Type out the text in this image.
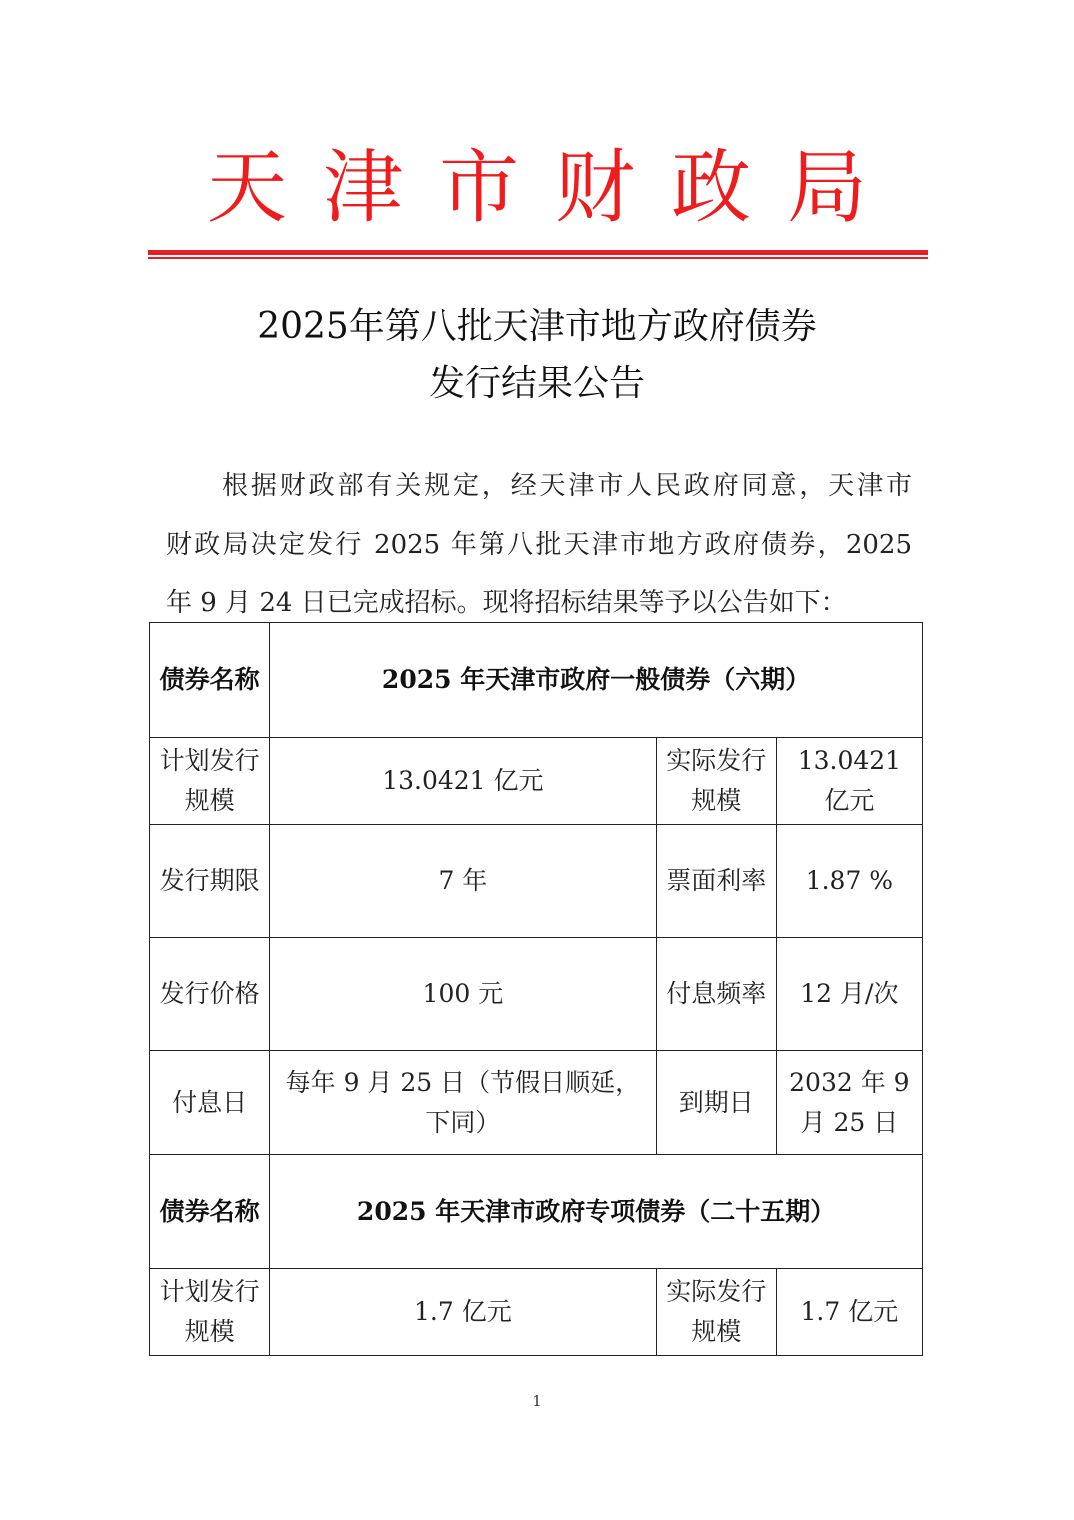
天津市财政局
2025年第八批天津市地方政府债券
发行结果公告
根据财政部有关规定，经天津市人民政府同意，天津市
财政局决定发行 2025 年第八批天津市地方政府债券，2025
年 9 月 24 日已完成招标。现将招标结果等予以公告如下：
债券名称	2025 年天津市政府一般债券（六期）		
计划发行规模	13.0421 亿元	实际发行规模	13.0421 亿元
发行期限	7 年	票面利率	1.87 %
发行价格	100 元	付息频率	12 月/次
付息日	每年 9 月 25 日（节假日顺延，下同）	到期日	2032 年 9 月 25 日
债券名称	2025 年天津市政府专项债券（二十五期）		
计划发行规模	1.7 亿元	实际发行规模	1.7 亿元
1
